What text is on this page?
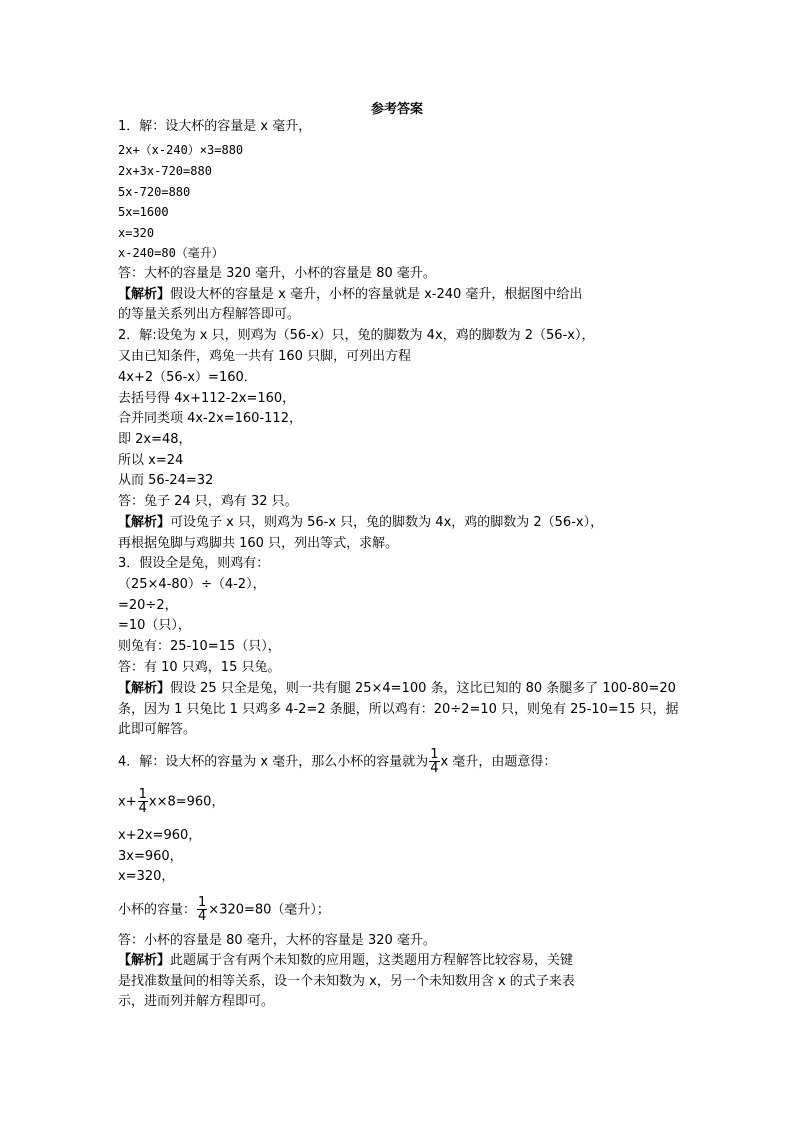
参考答案
1．解：设大杯的容量是 x 毫升，
2x+（x-240）×3=880
2x+3x-720=880
5x-720=880
5x=1600
x=320
x-240=80（毫升）
答：大杯的容量是 320 毫升，小杯的容量是 80 毫升。
【解析】假设大杯的容量是 x 毫升，小杯的容量就是 x-240 毫升，根据图中给出
的等量关系列出方程解答即可。
2．解:设兔为 x 只，则鸡为（56-x）只，兔的脚数为 4x，鸡的脚数为 2（56-x），
又由已知条件，鸡兔一共有 160 只脚，可列出方程
4x+2（56-x）=160．
去括号得 4x+112-2x=160，
合并同类项 4x-2x=160-112，
即 2x=48，
所以 x=24
从而 56-24=32
答：兔子 24 只，鸡有 32 只。
【解析】可设兔子 x 只，则鸡为 56-x 只，兔的脚数为 4x，鸡的脚数为 2（56-x），
再根据兔脚与鸡脚共 160 只，列出等式，求解。
3．假设全是兔，则鸡有：
（25×4-80）÷（4-2），
=20÷2，
=10（只），
则兔有：25-10=15（只），
答：有 10 只鸡，15 只兔。
【解析】假设 25 只全是兔，则一共有腿 25×4=100 条，这比已知的 80 条腿多了 100-80=20
条，因为 1 只兔比 1 只鸡多 4-2=2 条腿，所以鸡有：20÷2=10 只，则兔有 25-10=15 只，据
此即可解答。
4．解：设大杯的容量为 x 毫升，那么小杯的容量就为 $\frac{1}{4}$ x 毫升，由题意得：
$x+ \frac{1}{4} x\times 8=960$，
x+2x=960，
3x=960，
x=320，
小杯的容量： $\frac{1}{4} \times 320=80$（毫升）；
答：小杯的容量是 80 毫升，大杯的容量是 320 毫升。
【解析】此题属于含有两个未知数的应用题，这类题用方程解答比较容易，关键
是找准数量间的相等关系，设一个未知数为 x，另一个未知数用含 x 的式子来表
示，进而列并解方程即可。
